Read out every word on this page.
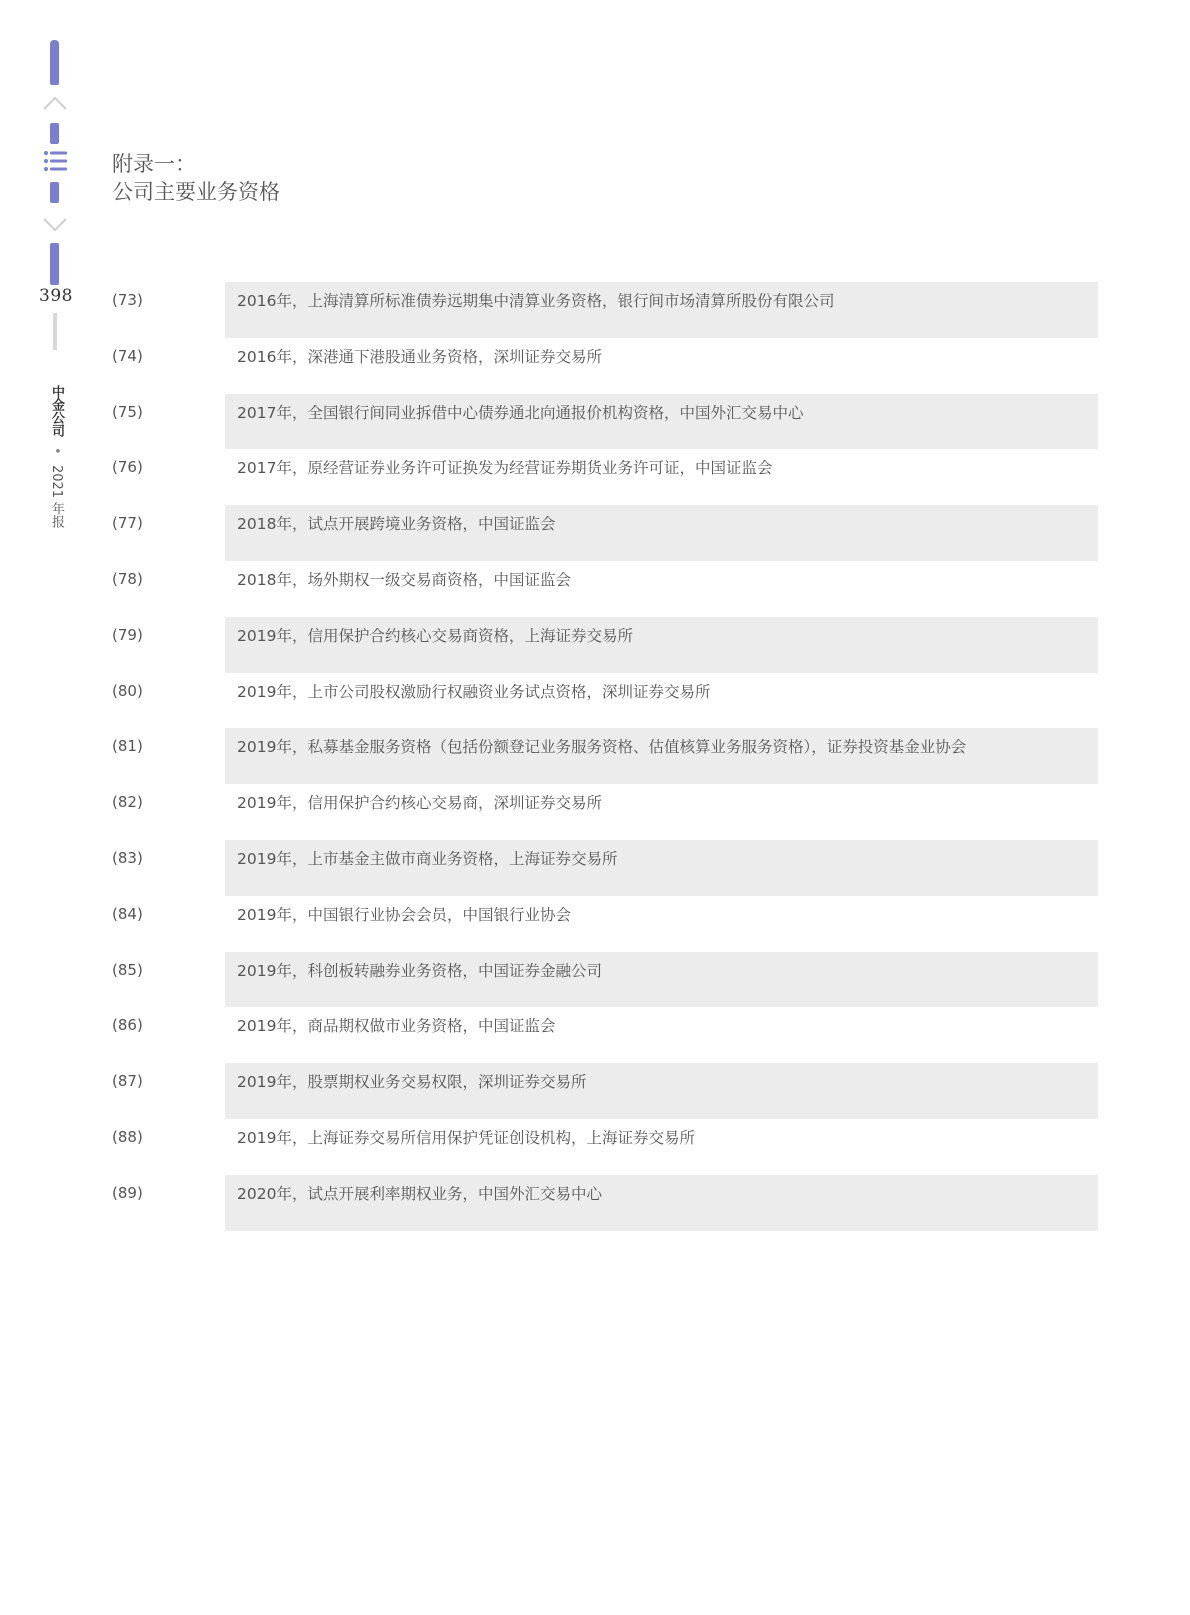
398
中金公司 • 2021 年报
附录一：
公司主要业务资格
(73)	2016年，上海清算所标准债券远期集中清算业务资格，银行间市场清算所股份有限公司
(74)	2016年，深港通下港股通业务资格，深圳证券交易所
(75)	2017年，全国银行间同业拆借中心债券通北向通报价机构资格，中国外汇交易中心
(76)	2017年，原经营证券业务许可证换发为经营证券期货业务许可证，中国证监会
(77)	2018年，试点开展跨境业务资格，中国证监会
(78)	2018年，场外期权一级交易商资格，中国证监会
(79)	2019年，信用保护合约核心交易商资格，上海证券交易所
(80)	2019年，上市公司股权激励行权融资业务试点资格，深圳证券交易所
(81)	2019年，私募基金服务资格（包括份额登记业务服务资格、估值核算业务服务资格），证券投资基金业协会
(82)	2019年，信用保护合约核心交易商，深圳证券交易所
(83)	2019年，上市基金主做市商业务资格，上海证券交易所
(84)	2019年，中国银行业协会会员，中国银行业协会
(85)	2019年，科创板转融券业务资格，中国证券金融公司
(86)	2019年，商品期权做市业务资格，中国证监会
(87)	2019年，股票期权业务交易权限，深圳证券交易所
(88)	2019年，上海证券交易所信用保护凭证创设机构，上海证券交易所
(89)	2020年，试点开展利率期权业务，中国外汇交易中心
